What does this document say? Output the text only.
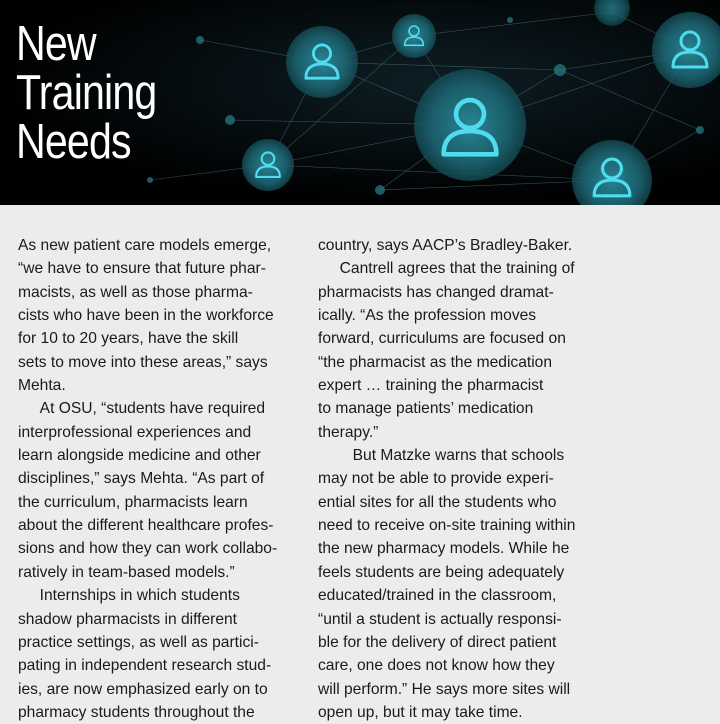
New
Training
Needs
As new patient care models emerge,
“we have to ensure that future phar-
macists, as well as those pharma-
cists who have been in the workforce
for 10 to 20 years, have the skill
sets to move into these areas,” says
Mehta.
At OSU, “students have required
interprofessional experiences and
learn alongside medicine and other
disciplines,” says Mehta. “As part of
the curriculum, pharmacists learn
about the different healthcare profes-
sions and how they can work collabo-
ratively in team-based models.”
Internships in which students
shadow pharmacists in different
practice settings, as well as partici-
pating in independent research stud-
ies, are now emphasized early on to
pharmacy students throughout the
country, says AACP’s Bradley-Baker.
Cantrell agrees that the training of
pharmacists has changed dramat-
ically. “As the profession moves
forward, curriculums are focused on
“the pharmacist as the medication
expert … training the pharmacist
to manage patients’ medication
therapy.”
But Matzke warns that schools
may not be able to provide experi-
ential sites for all the students who
need to receive on-site training within
the new pharmacy models. While he
feels students are being adequately
educated/trained in the classroom,
“until a student is actually responsi-
ble for the delivery of direct patient
care, one does not know how they
will perform.” He says more sites will
open up, but it may take time.
